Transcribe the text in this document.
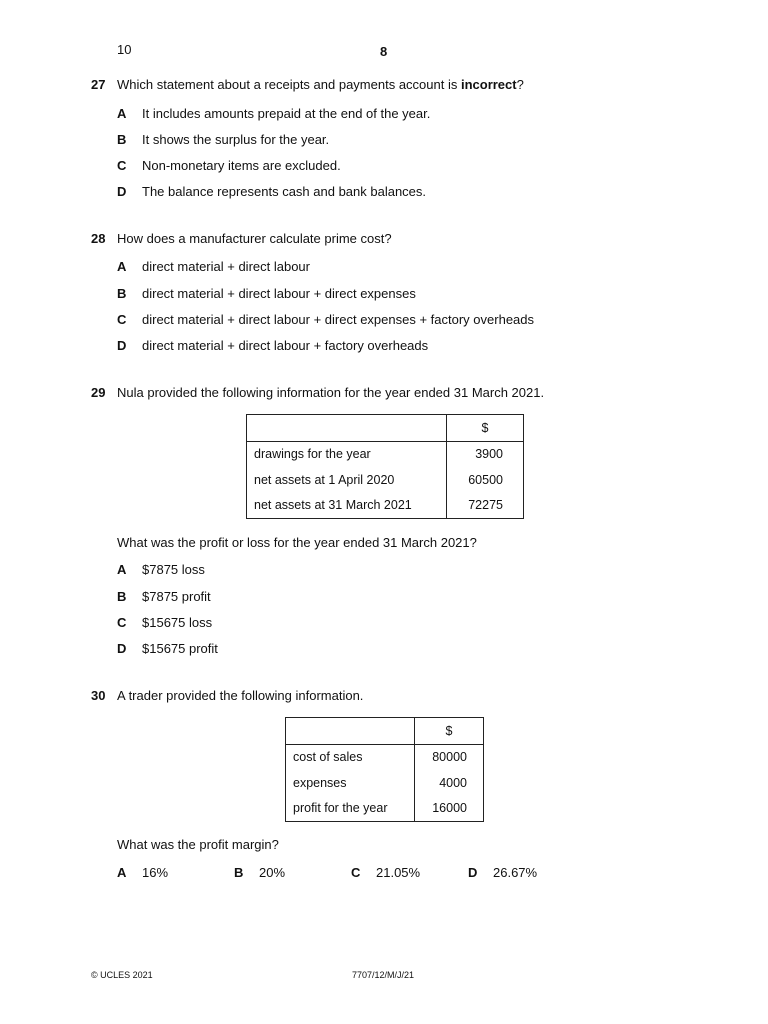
10	8
27 Which statement about a receipts and payments account is incorrect?
A It includes amounts prepaid at the end of the year.
B It shows the surplus for the year.
C Non-monetary items are excluded.
D The balance represents cash and bank balances.
28 How does a manufacturer calculate prime cost?
A direct material + direct labour
B direct material + direct labour + direct expenses
C direct material + direct labour + direct expenses + factory overheads
D direct material + direct labour + factory overheads
29 Nula provided the following information for the year ended 31 March 2021.
	$
drawings for the year	3900
net assets at 1 April 2020	60500
net assets at 31 March 2021	72275
What was the profit or loss for the year ended 31 March 2021?
A $7875 loss
B $7875 profit
C $15675 loss
D $15675 profit
30 A trader provided the following information.
	$
cost of sales	80000
expenses	4000
profit for the year	16000
What was the profit margin?
A 16%	B 20%	C 21.05%	D 26.67%
© UCLES 2021	7707/12/M/J/21
